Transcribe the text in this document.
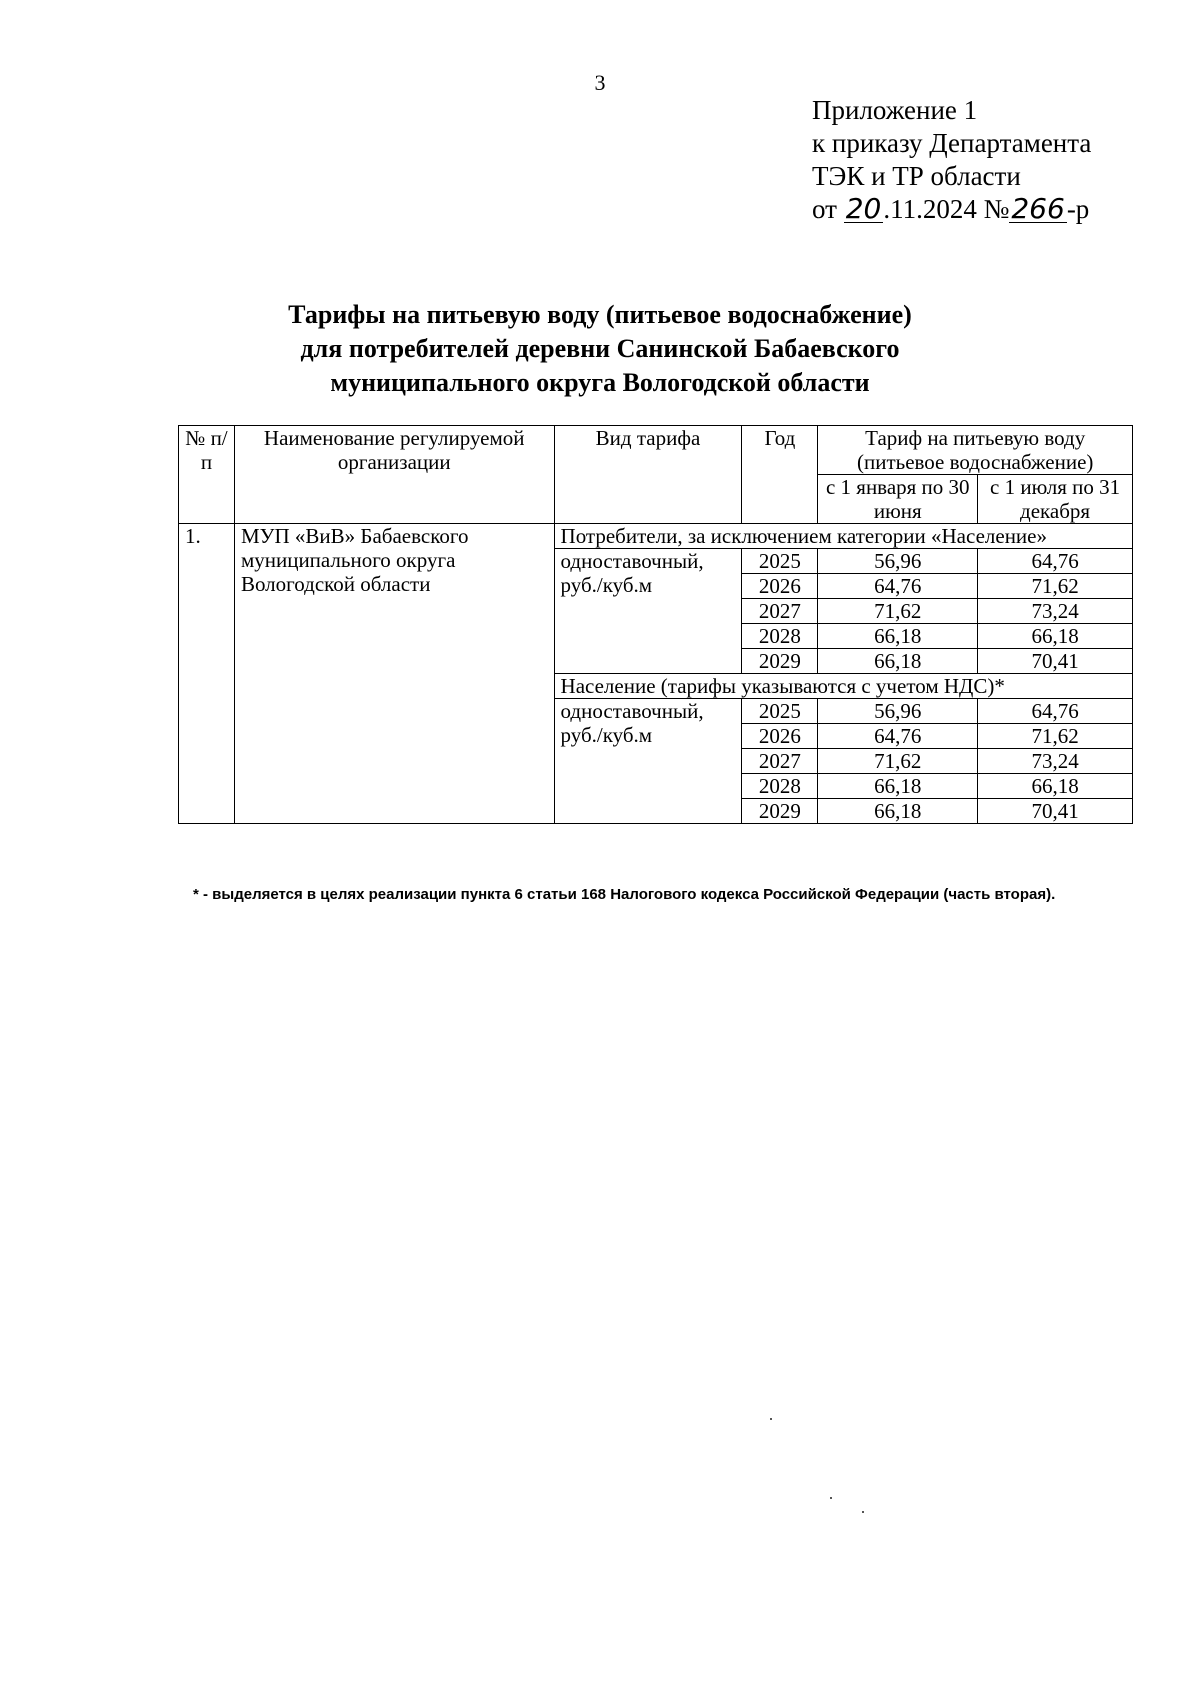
3
Приложение 1
к приказу Департамента
ТЭК и ТР области
от 20.11.2024 №266-р
Тарифы на питьевую воду (питьевое водоснабжение)
для потребителей деревни Санинской Бабаевского
муниципального округа Вологодской области
№ п/п	Наименование регулируемой организации	Вид тарифа	Год	Тариф на питьевую воду (питьевое водоснабжение)	
				с 1 января по 30 июня	с 1 июля по 31 декабря
1.	МУП «ВиВ» Бабаевского муниципального округа Вологодской области	Потребители, за исключением категории «Население»			
		одноставочный, руб./куб.м	2025	56,96	64,76
			2026	64,76	71,62
			2027	71,62	73,24
			2028	66,18	66,18
			2029	66,18	70,41
		Население (тарифы указываются с учетом НДС)*			
		одноставочный, руб./куб.м	2025	56,96	64,76
			2026	64,76	71,62
			2027	71,62	73,24
			2028	66,18	66,18
			2029	66,18	70,41
* - выделяется в целях реализации пункта 6 статьи 168 Налогового кодекса Российской Федерации (часть вторая).
